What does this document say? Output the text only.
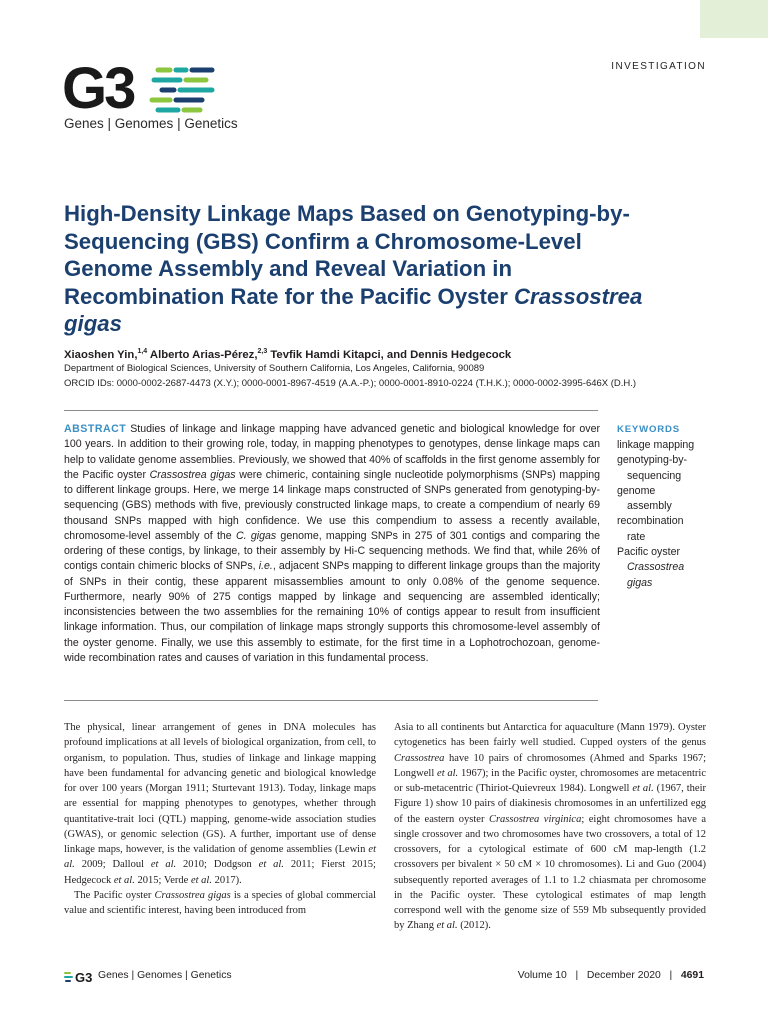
G3
Genes | Genomes | Genetics
INVESTIGATION
High-Density Linkage Maps Based on Genotyping-by-Sequencing (GBS) Confirm a Chromosome-Level Genome Assembly and Reveal Variation in Recombination Rate for the Pacific Oyster Crassostrea gigas
Xiaoshen Yin,$^{1,4}$ Alberto Arias-Pérez,$^{2,3}$ Tevfik Hamdi Kitapci, and Dennis Hedgecock
Department of Biological Sciences, University of Southern California, Los Angeles, California, 90089
ORCID IDs: 0000-0002-2687-4473 (X.Y.); 0000-0001-8967-4519 (A.A.-P.); 0000-0001-8910-0224 (T.H.K.); 0000-0002-3995-646X (D.H.)
ABSTRACT Studies of linkage and linkage mapping have advanced genetic and biological knowledge for over 100 years. In addition to their growing role, today, in mapping phenotypes to genotypes, dense linkage maps can help to validate genome assemblies. Previously, we showed that 40% of scaffolds in the first genome assembly for the Pacific oyster Crassostrea gigas were chimeric, containing single nucleotide polymorphisms (SNPs) mapping to different linkage groups. Here, we merge 14 linkage maps constructed of SNPs generated from genotyping-by-sequencing (GBS) methods with five, previously constructed linkage maps, to create a compendium of nearly 69 thousand SNPs mapped with high confidence. We use this compendium to assess a recently available, chromosome-level assembly of the C. gigas genome, mapping SNPs in 275 of 301 contigs and comparing the ordering of these contigs, by linkage, to their assembly by Hi-C sequencing methods. We find that, while 26% of contigs contain chimeric blocks of SNPs, i.e., adjacent SNPs mapping to different linkage groups than the majority of SNPs in their contig, these apparent misassemblies amount to only 0.08% of the genome sequence. Furthermore, nearly 90% of 275 contigs mapped by linkage and sequencing are assembled identically; inconsistencies between the two assemblies for the remaining 10% of contigs appear to result from insufficient linkage information. Thus, our compilation of linkage maps strongly supports this chromosome-level assembly of the oyster genome. Finally, we use this assembly to estimate, for the first time in a Lophotrochozoan, genome-wide recombination rates and causes of variation in this fundamental process.
KEYWORDS
linkage mapping
genotyping-by-
sequencing
genome
assembly
recombination
rate
Pacific oyster
Crassostrea
gigas

The physical, linear arrangement of genes in DNA molecules has profound implications at all levels of biological organization, from cell, to organism, to population. Thus, studies of linkage and linkage mapping have been fundamental for advancing genetic and biological knowledge for over 100 years (Morgan 1911; Sturtevant 1913). Today, linkage maps are essential for mapping phenotypes to genotypes, whether through quantitative-trait loci (QTL) mapping, genome-wide association studies (GWAS), or genomic selection (GS). A further, important use of dense linkage maps, however, is the validation of genome assemblies (Lewin et al. 2009; Dalloul et al. 2010; Dodgson et al. 2011; Fierst 2015; Hedgecock et al. 2015; Verde et al. 2017).

The Pacific oyster Crassostrea gigas is a species of global commercial value and scientific interest, having been introduced from

Asia to all continents but Antarctica for aquaculture (Mann 1979). Oyster cytogenetics has been fairly well studied. Cupped oysters of the genus Crassostrea have 10 pairs of chromosomes (Ahmed and Sparks 1967; Longwell et al. 1967); in the Pacific oyster, chromosomes are metacentric or sub-metacentric (Thiriot-Quievreux 1984). Longwell et al. (1967, their Figure 1) show 10 pairs of diakinesis chromosomes in an unfertilized egg of the eastern oyster Crassostrea virginica; eight chromosomes have a single crossover and two chromosomes have two crossovers, a total of 12 crossovers, for a cytological estimate of 600 cM map-length (1.2 crossovers per bivalent × 50 cM × 10 chromosomes). Li and Guo (2004) subsequently reported averages of 1.1 to 1.2 chiasmata per chromosome in the Pacific oyster. These cytological estimates of map length correspond well with the genome size of 559 Mb subsequently provided by Zhang et al. (2012).

G3 Genes | Genomes | Genetics	Volume 10 | December 2020 | 4691
